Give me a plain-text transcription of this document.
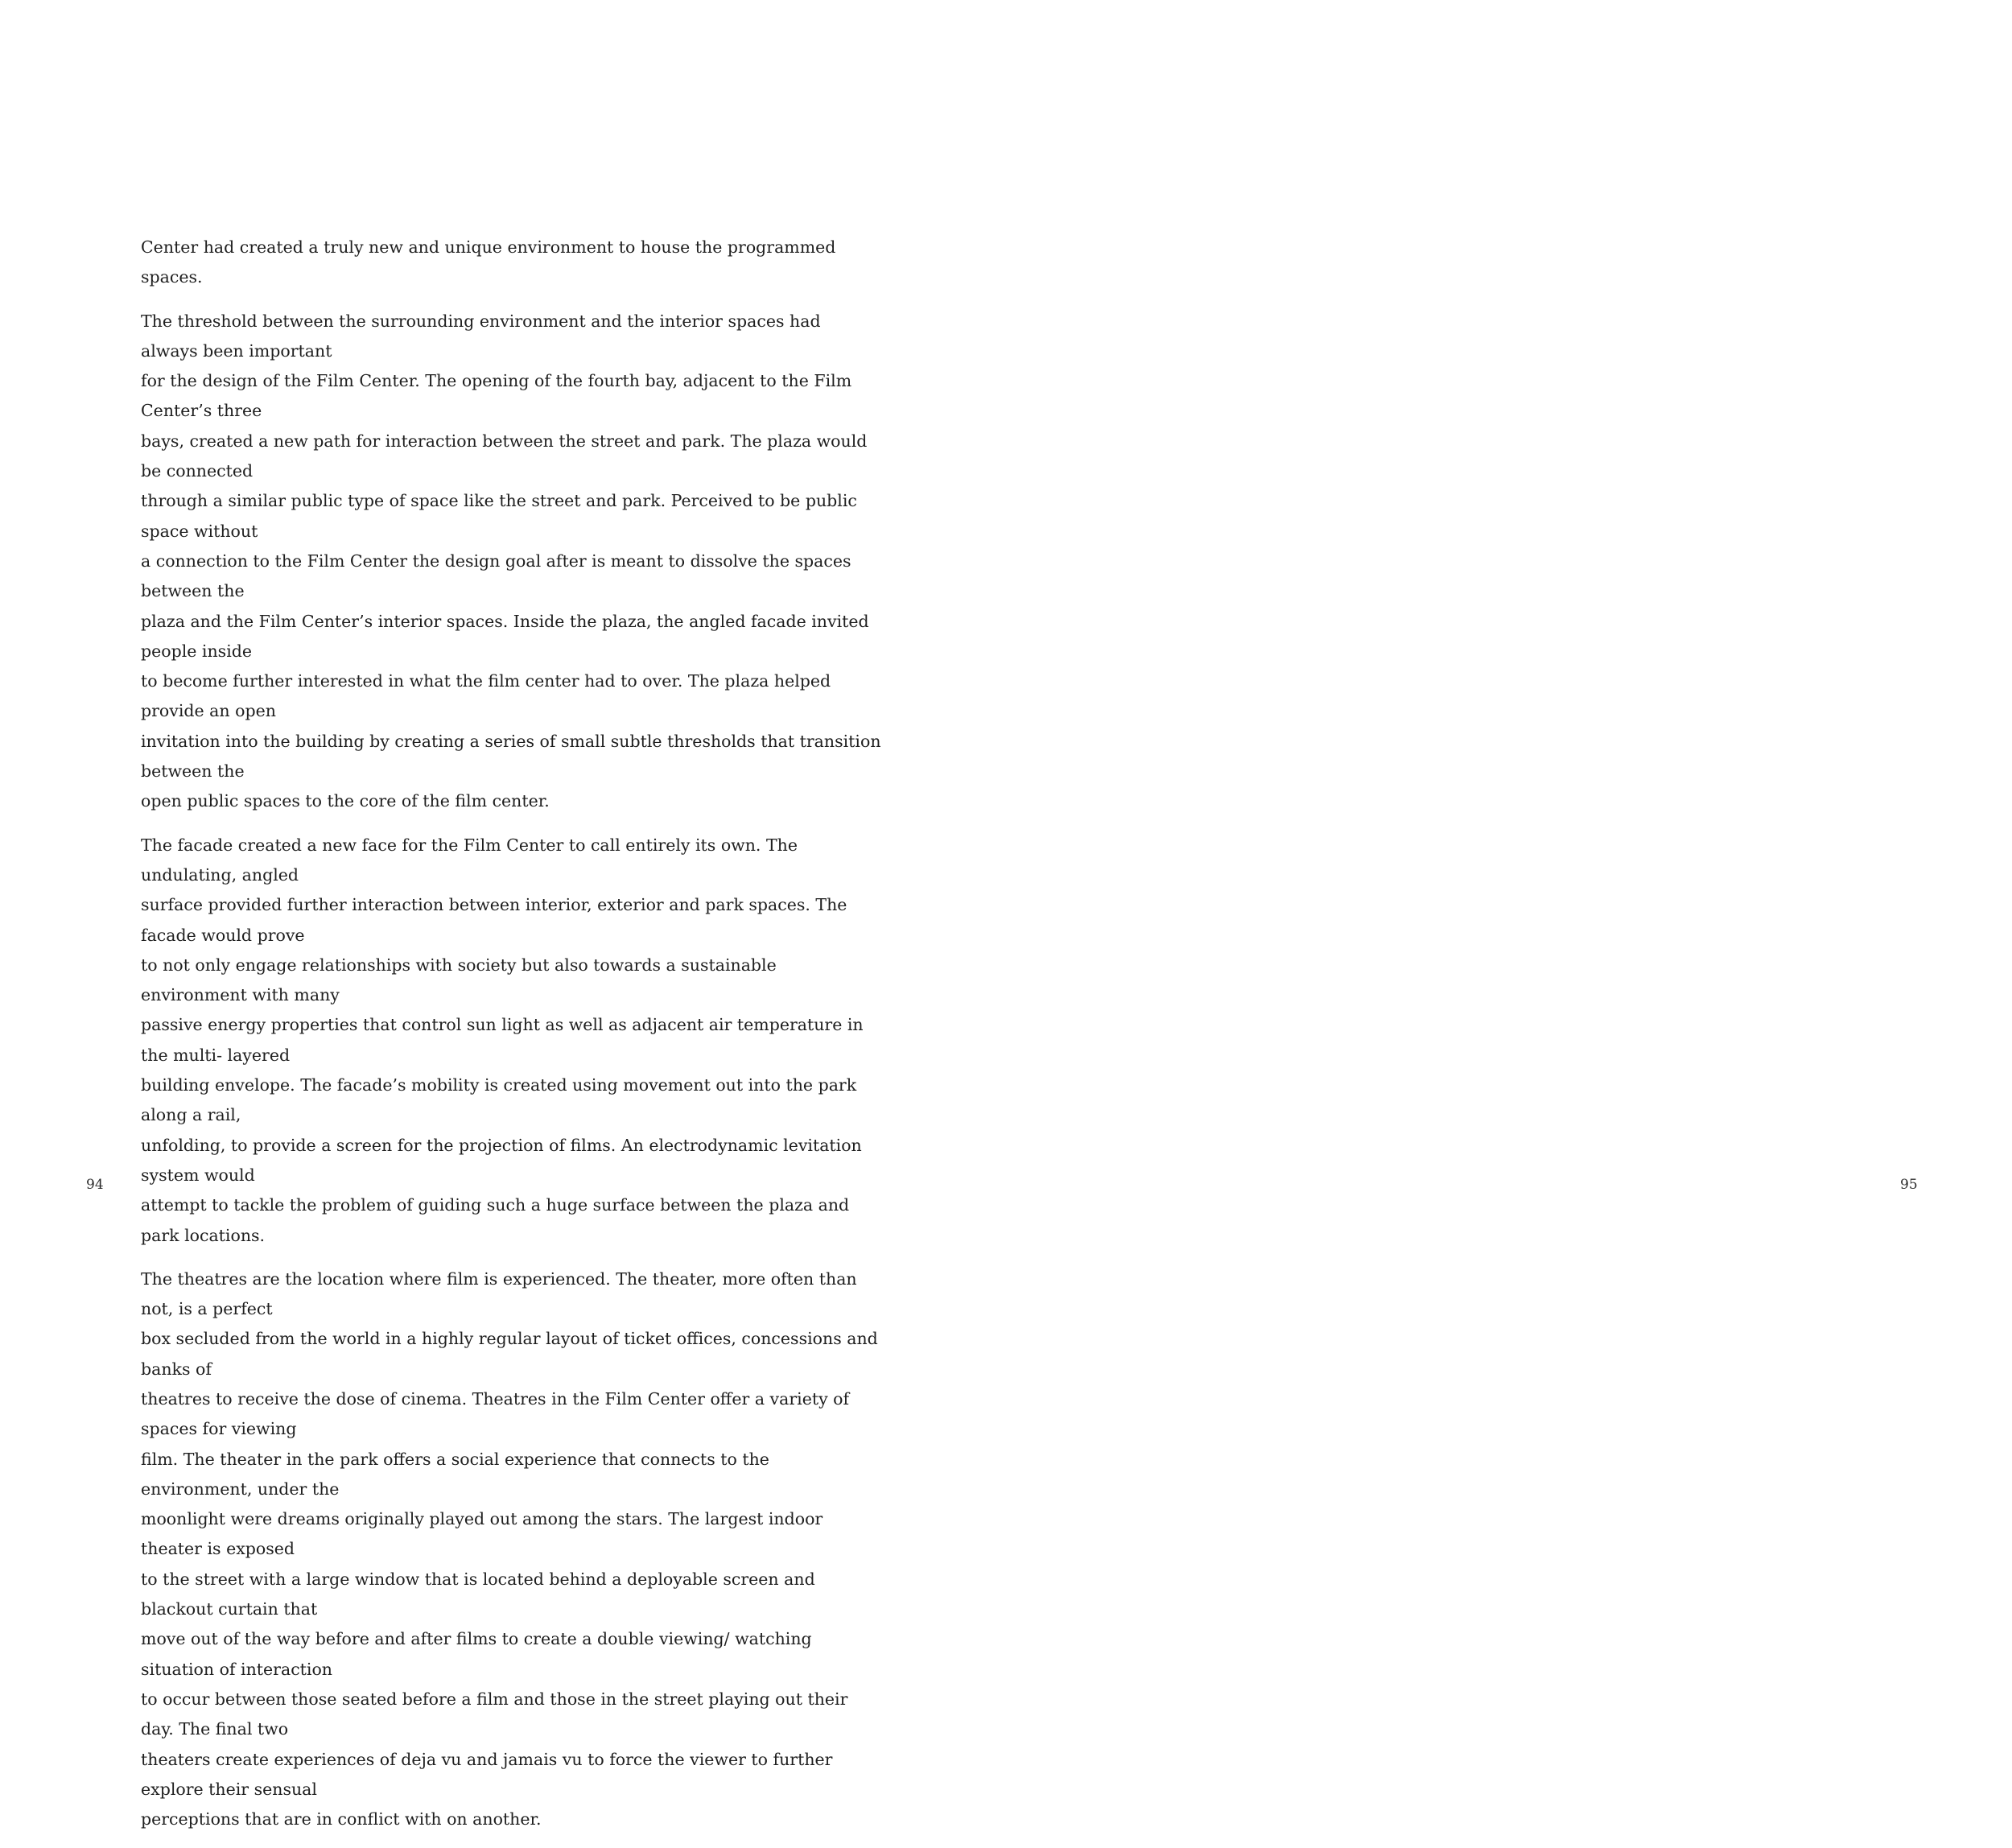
Center had created a truly new and unique environment to house the programmed spaces.

The threshold between the surrounding environment and the interior spaces had always been important
for the design of the Film Center. The opening of the fourth bay, adjacent to the Film Center’s three
bays, created a new path for interaction between the street and park. The plaza would be connected
through a similar public type of space like the street and park. Perceived to be public space without
a connection to the Film Center the design goal after is meant to dissolve the spaces between the
plaza and the Film Center’s interior spaces. Inside the plaza, the angled facade invited people inside
to become further interested in what the film center had to over. The plaza helped provide an open
invitation into the building by creating a series of small subtle thresholds that transition between the
open public spaces to the core of the film center.

The facade created a new face for the Film Center to call entirely its own. The undulating, angled
surface provided further interaction between interior, exterior and park spaces. The facade would prove
to not only engage relationships with society but also towards a sustainable environment with many
passive energy properties that control sun light as well as adjacent air temperature in the multi- layered
building envelope. The facade’s mobility is created using movement out into the park along a rail,
unfolding, to provide a screen for the projection of films. An electrodynamic levitation system would
attempt to tackle the problem of guiding such a huge surface between the plaza and park locations.

The theatres are the location where film is experienced. The theater, more often than not, is a perfect
box secluded from the world in a highly regular layout of ticket offices, concessions and banks of
theatres to receive the dose of cinema. Theatres in the Film Center offer a variety of spaces for viewing
film. The theater in the park offers a social experience that connects to the environment, under the
moonlight were dreams originally played out among the stars. The largest indoor theater is exposed
to the street with a large window that is located behind a deployable screen and blackout curtain that
move out of the way before and after films to create a double viewing/ watching situation of interaction
to occur between those seated before a film and those in the street playing out their day. The final two
theaters create experiences of deja vu and jamais vu to force the viewer to further explore their sensual
perceptions that are in conflict with on another.

94	95
